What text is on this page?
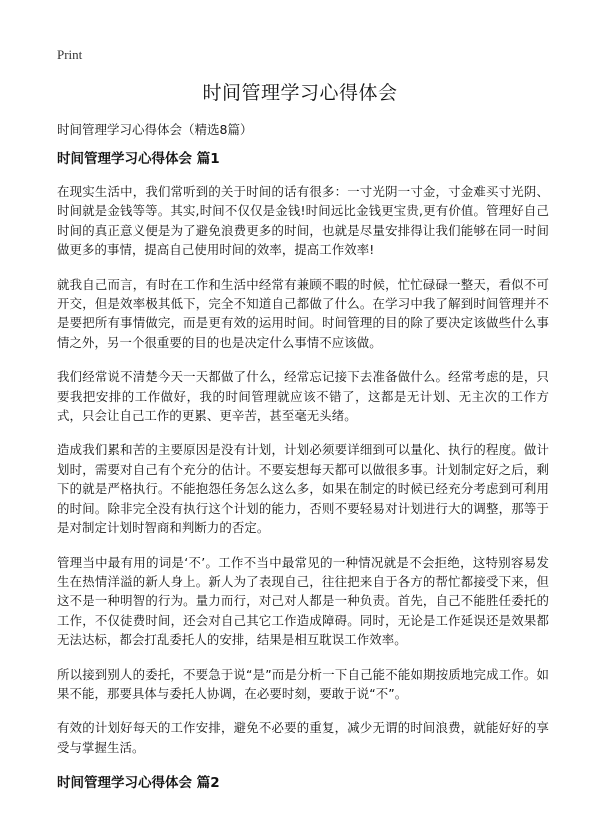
Print
时间管理学习心得体会

时间管理学习心得体会（精选8篇）

时间管理学习心得体会 篇1

在现实生活中，我们常听到的关于时间的话有很多：一寸光阴一寸金，寸金难买寸光阴、时间就是金钱等等。其实,时间不仅仅是金钱!时间远比金钱更宝贵,更有价值。管理好自己时间的真正意义便是为了避免浪费更多的时间，也就是尽量安排得让我们能够在同一时间做更多的事情，提高自己使用时间的效率，提高工作效率!

就我自己而言，有时在工作和生活中经常有兼顾不暇的时候，忙忙碌碌一整天，看似不可开交，但是效率极其低下，完全不知道自己都做了什么。在学习中我了解到时间管理并不是要把所有事情做完，而是更有效的运用时间。时间管理的目的除了要决定该做些什么事情之外，另一个很重要的目的也是决定什么事情不应该做。

我们经常说不清楚今天一天都做了什么，经常忘记接下去准备做什么。经常考虑的是，只要我把安排的工作做好，我的时间管理就应该不错了，这都是无计划、无主次的工作方式，只会让自己工作的更累、更辛苦，甚至毫无头绪。

造成我们累和苦的主要原因是没有计划，计划必须要详细到可以量化、执行的程度。做计划时，需要对自己有个充分的估计。不要妄想每天都可以做很多事。计划制定好之后，剩下的就是严格执行。不能抱怨任务怎么这么多，如果在制定的时候已经充分考虑到可利用的时间。除非完全没有执行这个计划的能力，否则不要轻易对计划进行大的调整，那等于是对制定计划时智商和判断力的否定。

管理当中最有用的词是‘不’。工作不当中最常见的一种情况就是不会拒绝，这特别容易发生在热情洋溢的新人身上。新人为了表现自己，往往把来自于各方的帮忙都接受下来，但这不是一种明智的行为。量力而行，对己对人都是一种负责。首先，自己不能胜任委托的工作，不仅徒费时间，还会对自己其它工作造成障碍。同时，无论是工作延误还是效果都无法达标，都会打乱委托人的安排，结果是相互耽误工作效率。

所以接到别人的委托，不要急于说“是”而是分析一下自己能不能如期按质地完成工作。如果不能，那要具体与委托人协调，在必要时刻，要敢于说“不”。

有效的计划好每天的工作安排，避免不必要的重复，减少无谓的时间浪费，就能好好的享受与掌握生活。

时间管理学习心得体会 篇2
